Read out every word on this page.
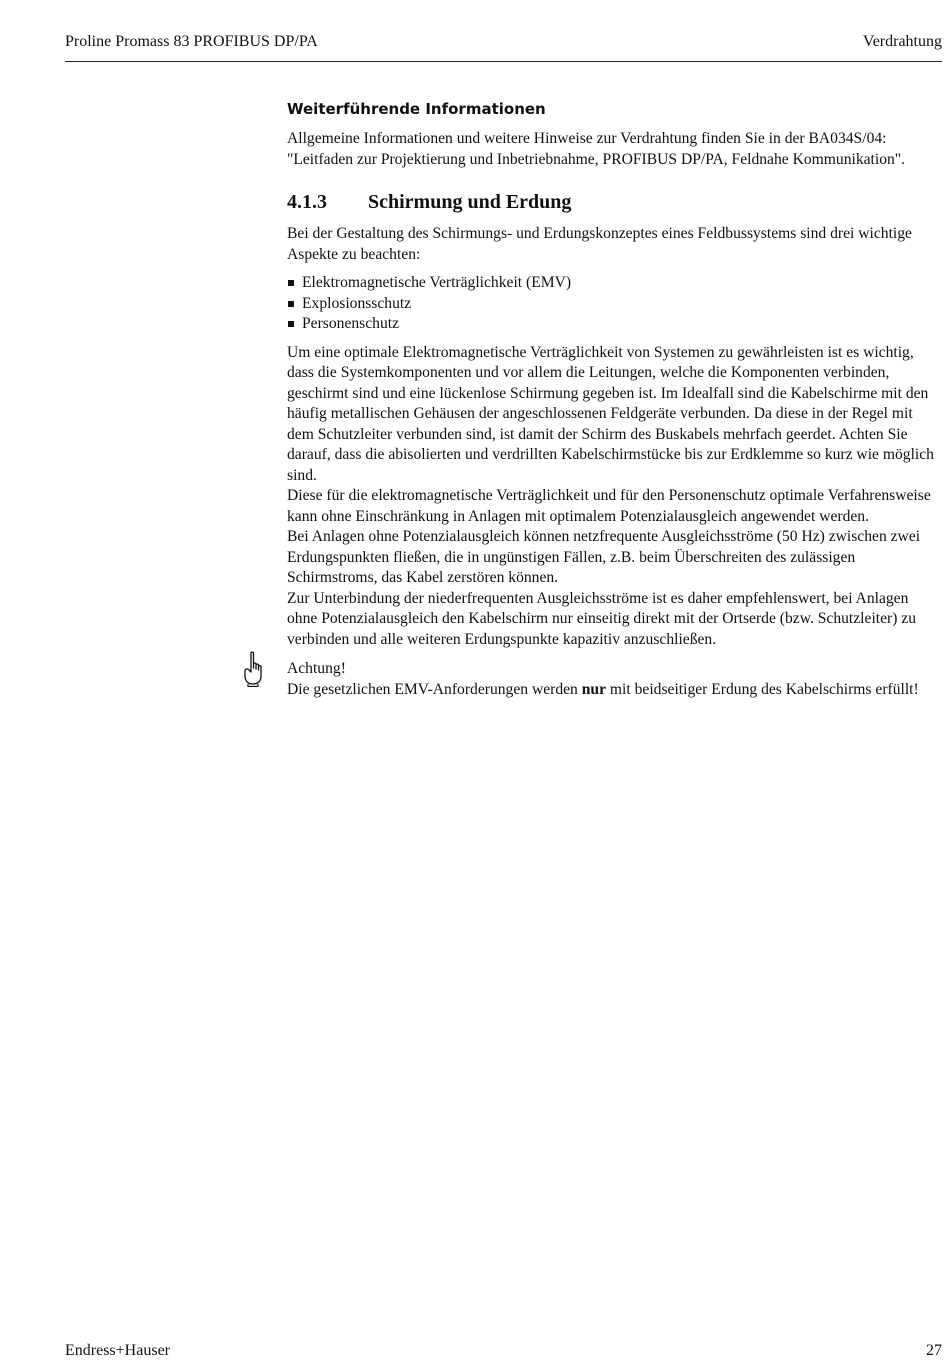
Proline Promass 83 PROFIBUS DP/PA	Verdrahtung
Weiterführende Informationen

Allgemeine Informationen und weitere Hinweise zur Verdrahtung finden Sie in der BA034S/04: "Leitfaden zur Projektierung und Inbetriebnahme, PROFIBUS DP/PA, Feldnahe Kommunikation".

4.1.3	Schirmung und Erdung

Bei der Gestaltung des Schirmungs- und Erdungskonzeptes eines Feldbussystems sind drei wichtige Aspekte zu beachten:

Elektromagnetische Verträglichkeit (EMV)
Explosionsschutz
Personenschutz

Um eine optimale Elektromagnetische Verträglichkeit von Systemen zu gewährleisten ist es wichtig, dass die Systemkomponenten und vor allem die Leitungen, welche die Komponenten verbinden, geschirmt sind und eine lückenlose Schirmung gegeben ist. Im Idealfall sind die Kabelschirme mit den häufig metallischen Gehäusen der angeschlossenen Feldgeräte verbunden. Da diese in der Regel mit dem Schutzleiter verbunden sind, ist damit der Schirm des Buskabels mehrfach geerdet. Achten Sie darauf, dass die abisolierten und verdrillten Kabelschirmstücke bis zur Erdklemme so kurz wie möglich sind.

Diese für die elektromagnetische Verträglichkeit und für den Personenschutz optimale Verfahrensweise kann ohne Einschränkung in Anlagen mit optimalem Potenzialausgleich angewendet werden.

Bei Anlagen ohne Potenzialausgleich können netzfrequente Ausgleichsströme (50 Hz) zwischen zwei Erdungspunkten fließen, die in ungünstigen Fällen, z.B. beim Überschreiten des zulässigen Schirmstroms, das Kabel zerstören können.

Zur Unterbindung der niederfrequenten Ausgleichsströme ist es daher empfehlenswert, bei Anlagen ohne Potenzialausgleich den Kabelschirm nur einseitig direkt mit der Ortserde (bzw. Schutzleiter) zu verbinden und alle weiteren Erdungspunkte kapazitiv anzuschließen.

Achtung!

Die gesetzlichen EMV-Anforderungen werden nur mit beidseitiger Erdung des Kabelschirms erfüllt!

Endress+Hauser	27
